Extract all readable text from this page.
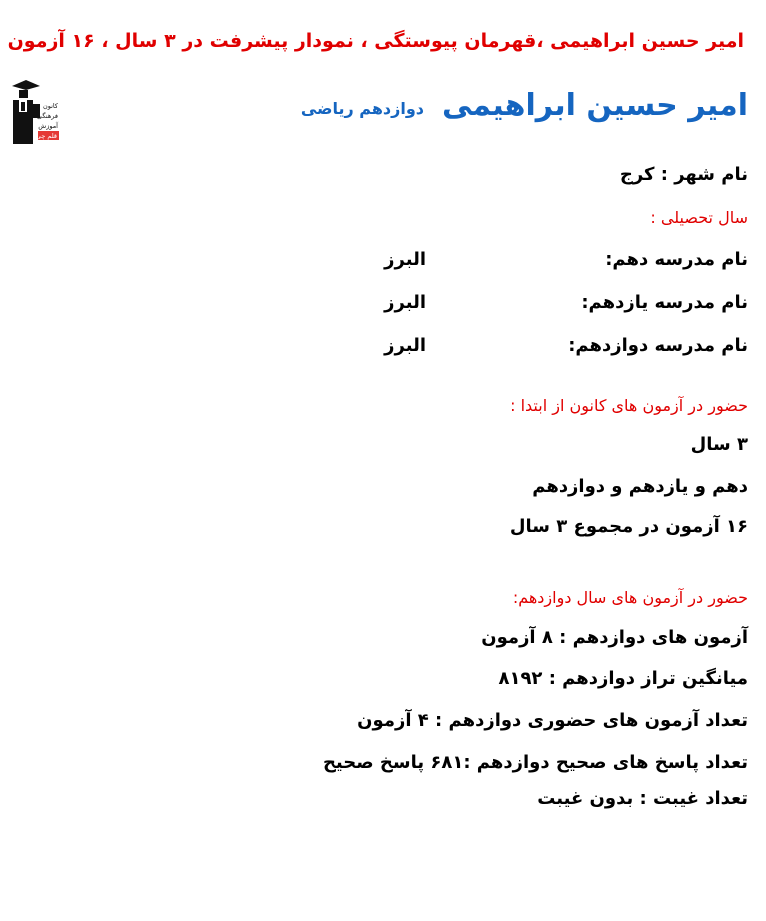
امیر حسین ابراهیمی ،قهرمان پیوستگی ، نمودار پیشرفت در ۳ سال ، ۱۶ آزمون
کانون
فرهنگی
آموزش
قلم چی
امیر حسین ابراهیمی
دوازدهم ریاضی
نام شهر : کرج
سال تحصیلی :
نام مدرسه دهم:
البرز
نام مدرسه یازدهم:
البرز
نام مدرسه دوازدهم:
البرز
حضور در آزمون های کانون از ابتدا :
۳ سال
دهم و یازدهم و دوازدهم
۱۶ آزمون در مجموع ۳ سال
حضور در آزمون های سال دوازدهم:
آزمون های دوازدهم : ۸ آزمون
میانگین تراز دوازدهم : ۸۱۹۲
تعداد آزمون های حضوری دوازدهم : ۴ آزمون
تعداد پاسخ های صحیح دوازدهم :۶۸۱ پاسخ صحیح
تعداد غیبت : بدون غیبت
